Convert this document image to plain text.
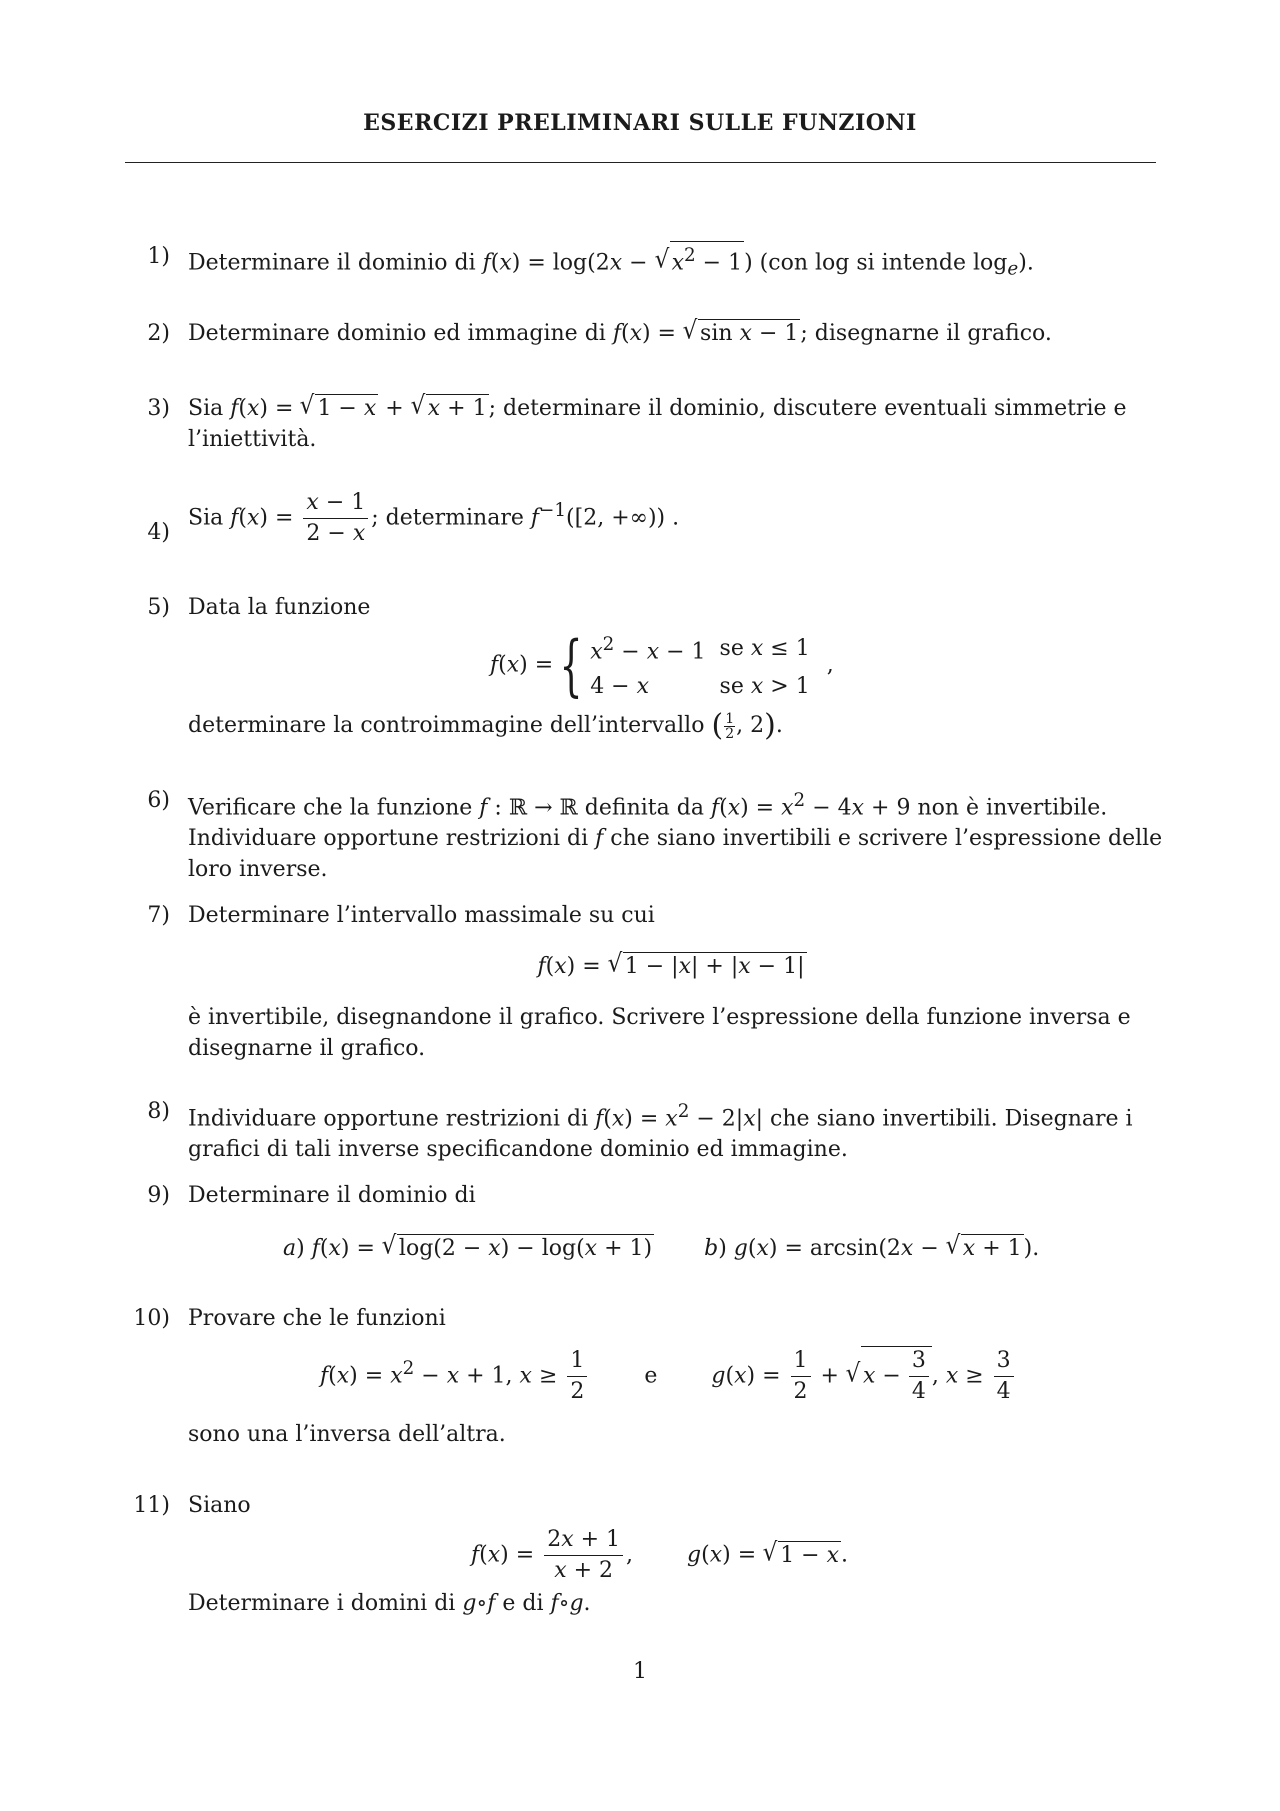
ESERCIZI PRELIMINARI SULLE FUNZIONI
1) Determinare il dominio di f(x) = log(2x − √ $x^2 - 1$) (con log si intende $\log_e$).
2) Determinare dominio ed immagine di f(x) = √ sin x − 1; disegnarne il grafico.
3) Sia f(x) = √ 1 − x + √ x + 1; determinare il dominio, discutere eventuali simmetrie e
l’iniettività.
4)
Sia $f(x) = \frac{x - 1}{2 - x}$ ; determinare $f^{-1}([2$, +∞)) .
5) Data la funzione
f(x) = { $x^2 - x - 1$	se x ≤ 1
4 − x	se x > 1 ,
determinare la controimmagine dell’intervallo ( $\frac{1}{2}$ , 2).
6) Verificare che la funzione f : ℝ → ℝ definita da $f(x) = x^2 - 4x + 9$ non è invertibile.
Individuare opportune restrizioni di f che siano invertibili e scrivere l’espressione delle
loro inverse.
7) Determinare l’intervallo massimale su cui
f(x) = √ 1 − |x| + |x − 1|
è invertibile, disegnandone il grafico. Scrivere l’espressione della funzione inversa e
disegnarne il grafico.
8) Individuare opportune restrizioni di $f(x) = x^2 - 2|x|$ che siano invertibili. Disegnare i
grafici di tali inverse specificandone dominio ed immagine.
9) Determinare il dominio di
a) f(x) = √ log(2 − x) − log(x + 1) b) g(x) = arcsin(2x − √ x + 1).
10) Provare che le funzioni
$f(x) = x^2 - x + 1$, $x \ge \frac{1}{2}$	e $g(x) = \frac{1}{2}$ + √ $x - \frac{3}{4}$ , $x \ge \frac{3}{4}$
sono una l’inversa dell’altra.
11) Siano
$f(x) = \frac{2x + 1}{x + 2}$ , g(x) = √ 1 − x.
Determinare i domini di g∘f e di f∘g.
1
